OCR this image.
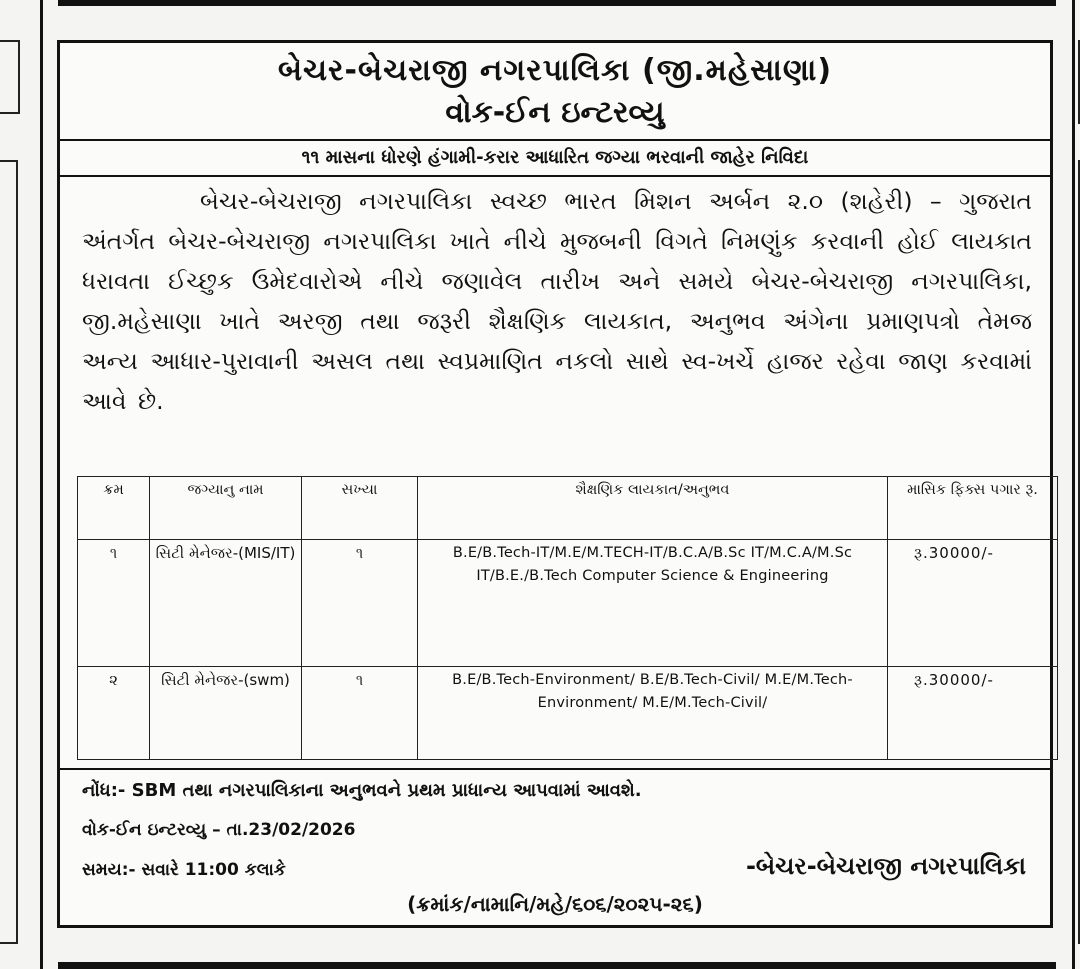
બેચર-બેચરાજી નગરપાલિકા (જી.મહેસાણા)
વોક-ઈન ઇન્ટરવ્યુ
૧૧ માસના ધોરણે હંગામી-કરાર આધારિત જગ્યા ભરવાની જાહેર નિવિદા
બેચર-બેચરાજી નગરપાલિકા સ્વચ્છ ભારત મિશન અર્બન ૨.૦ (શહેરી) – ગુજરાત અંતર્ગત બેચર-બેચરાજી નગરપાલિકા ખાતે નીચે મુજબની વિગતે નિમણુંક કરવાની હોઈ લાયકાત ધરાવતા ઈચ્છુક ઉમેદવારોએ નીચે જણાવેલ તારીખ અને સમયે બેચર-બેચરાજી નગરપાલિકા, જી.મહેસાણા ખાતે અરજી તથા જરૂરી શૈક્ષણિક લાયકાત, અનુભવ અંગેના પ્રમાણપત્રો તેમજ અન્ય આધાર-પુરાવાની અસલ તથા સ્વપ્રમાણિત નકલો સાથે સ્વ-ખર્ચે હાજર રહેવા જાણ કરવામાં આવે છે.
ક્રમ	જગ્યાનુ નામ	સખ્યા	શૈક્ષણિક લાયકાત/અનુભવ	માસિક ફિક્સ પગાર રૂ.
૧	સિટી મેનેજર-(MIS/IT)	૧	B.E/B.Tech-IT/M.E/M.TECH-IT/B.C.A/B.Sc IT/M.C.A/M.Sc IT/B.E./B.Tech Computer Science & Engineering	રૂ.30000/-
૨	સિટી મેનેજર-(swm)	૧	B.E/B.Tech-Environment/ B.E/B.Tech-Civil/ M.E/M.Tech-Environment/ M.E/M.Tech-Civil/	રૂ.30000/-
નોંધ:- SBM તથા નગરપાલિકાના અનુભવને પ્રથમ પ્રાધાન્ય આપવામાં આવશે.
વોક-ઈન ઇન્ટરવ્યુ – તા.23/02/2026
સમય:- સવારે 11:00 કલાકે	-બેચર-બેચરાજી નગરપાલિકા
(ક્રમાંક/નામાનિ/મહે/૬૦૬/૨૦૨૫-૨૬)
